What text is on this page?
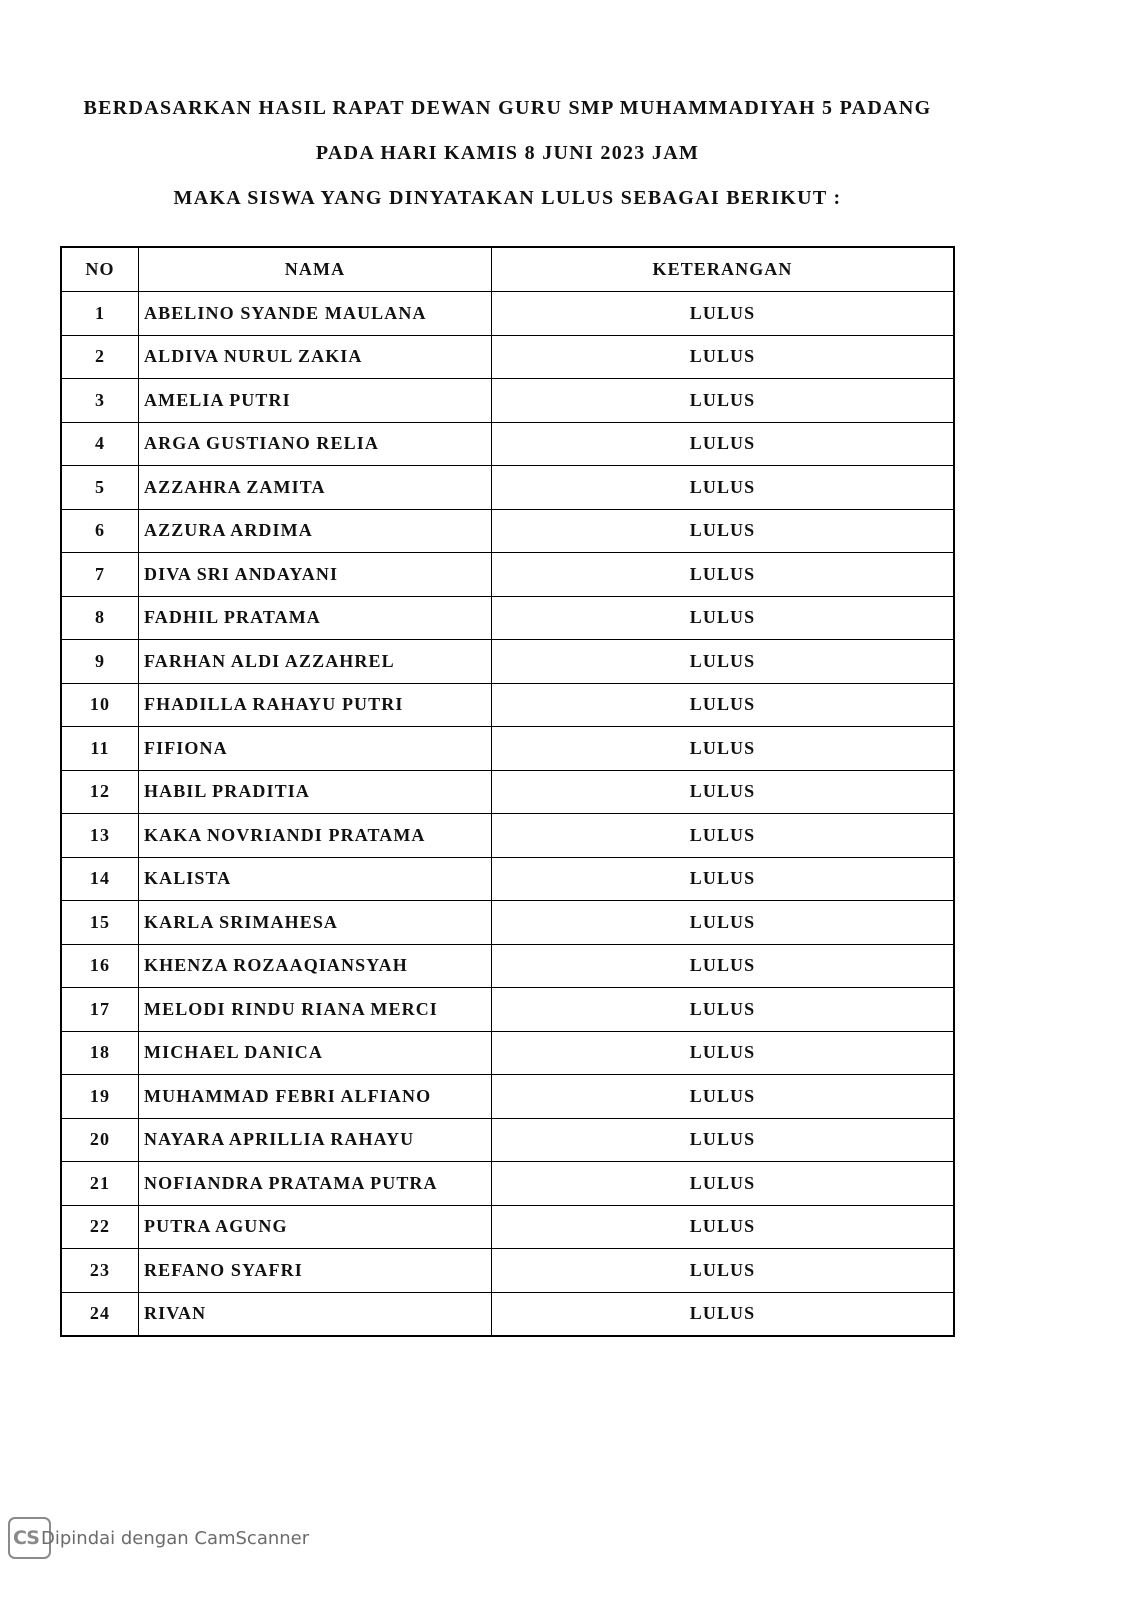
BERDASARKAN HASIL RAPAT DEWAN GURU SMP MUHAMMADIYAH 5 PADANG
PADA HARI KAMIS 8 JUNI 2023 JAM
MAKA SISWA YANG DINYATAKAN LULUS SEBAGAI BERIKUT :
NO	NAMA	KETERANGAN
1	ABELINO SYANDE MAULANA	LULUS
2	ALDIVA NURUL ZAKIA	LULUS
3	AMELIA PUTRI	LULUS
4	ARGA GUSTIANO RELIA	LULUS
5	AZZAHRA ZAMITA	LULUS
6	AZZURA ARDIMA	LULUS
7	DIVA SRI ANDAYANI	LULUS
8	FADHIL PRATAMA	LULUS
9	FARHAN ALDI AZZAHREL	LULUS
10	FHADILLA RAHAYU PUTRI	LULUS
11	FIFIONA	LULUS
12	HABIL PRADITIA	LULUS
13	KAKA NOVRIANDI PRATAMA	LULUS
14	KALISTA	LULUS
15	KARLA SRIMAHESA	LULUS
16	KHENZA ROZAAQIANSYAH	LULUS
17	MELODI RINDU RIANA MERCI	LULUS
18	MICHAEL DANICA	LULUS
19	MUHAMMAD FEBRI ALFIANO	LULUS
20	NAYARA APRILLIA RAHAYU	LULUS
21	NOFIANDRA PRATAMA PUTRA	LULUS
22	PUTRA AGUNG	LULUS
23	REFANO SYAFRI	LULUS
24	RIVAN	LULUS
CS Dipindai dengan CamScanner
